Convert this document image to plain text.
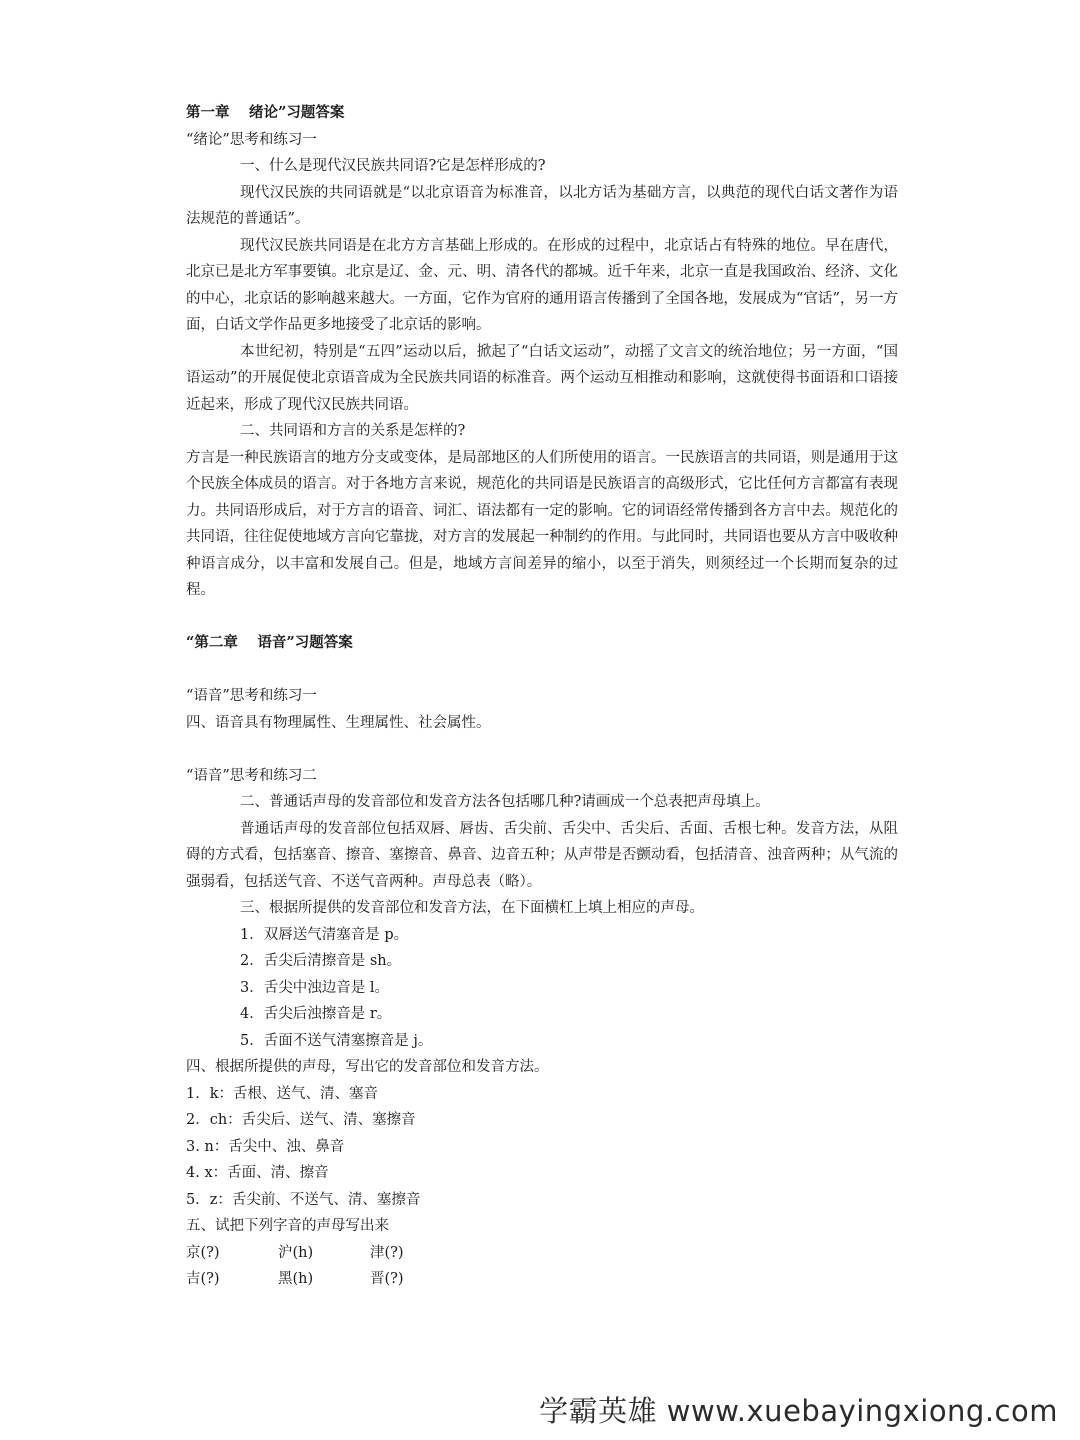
第一章　 绪论”习题答案

“绪论”思考和练习一

一、什么是现代汉民族共同语?它是怎样形成的?

现代汉民族的共同语就是“以北京语音为标准音，以北方话为基础方言，以典范的现代白话文著作为语法规范的普通话”。

现代汉民族共同语是在北方方言基础上形成的。在形成的过程中，北京话占有特殊的地位。早在唐代，北京已是北方军事要镇。北京是辽、金、元、明、清各代的都城。近千年来，北京一直是我国政治、经济、文化的中心，北京话的影响越来越大。一方面，它作为官府的通用语言传播到了全国各地，发展成为“官话”，另一方面，白话文学作品更多地接受了北京话的影响。

本世纪初，特别是“五四”运动以后，掀起了“白话文运动”，动摇了文言文的统治地位；另一方面，“国语运动”的开展促使北京语音成为全民族共同语的标准音。两个运动互相推动和影响，这就使得书面语和口语接近起来，形成了现代汉民族共同语。

二、共同语和方言的关系是怎样的?

方言是一种民族语言的地方分支或变体，是局部地区的人们所使用的语言。一民族语言的共同语，则是通用于这个民族全体成员的语言。对于各地方言来说，规范化的共同语是民族语言的高级形式，它比任何方言都富有表现力。共同语形成后，对于方言的语音、词汇、语法都有一定的影响。它的词语经常传播到各方言中去。规范化的共同语，往往促使地域方言向它靠拢，对方言的发展起一种制约的作用。与此同时，共同语也要从方言中吸收种种语言成分，以丰富和发展自己。但是，地域方言间差异的缩小，以至于消失，则须经过一个长期而复杂的过程。

“第二章　 语音”习题答案

“语音”思考和练习一

四、语音具有物理属性、生理属性、社会属性。

“语音”思考和练习二

二、普通话声母的发音部位和发音方法各包括哪几种?请画成一个总表把声母填上。

普通话声母的发音部位包括双唇、唇齿、舌尖前、舌尖中、舌尖后、舌面、舌根七种。发音方法，从阻碍的方式看，包括塞音、擦音、塞擦音、鼻音、边音五种；从声带是否颤动看，包括清音、浊音两种；从气流的强弱看，包括送气音、不送气音两种。声母总表（略）。

三、根据所提供的发音部位和发音方法，在下面横杠上填上相应的声母。

1．双唇送气清塞音是 p。

2．舌尖后清擦音是 sh。

3．舌尖中浊边音是 l。

4．舌尖后浊擦音是 r。

5．舌面不送气清塞擦音是 j。

四、根据所提供的声母，写出它的发音部位和发音方法。

1．k：舌根、送气、清、塞音

2．ch：舌尖后、送气、清、塞擦音

3. n：舌尖中、浊、鼻音

4. x：舌面、清、擦音

5．z：舌尖前、不送气、清、塞擦音

五、试把下列字音的声母写出来

京(?)	沪(h)	津(?)
吉(?)	黑(h)	晋(?)
学霸英雄 www.xuebayingxiong.com
